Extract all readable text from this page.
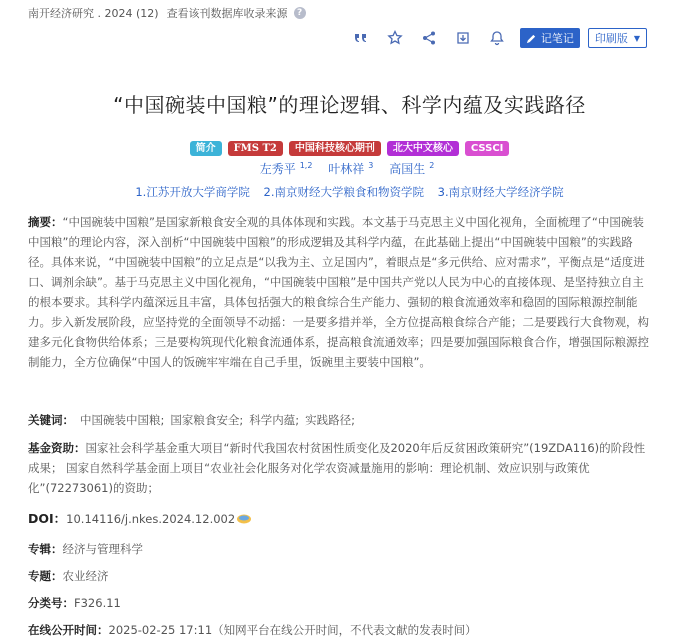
南开经济研究 . 2024 (12) 查看该刊数据库收录来源	?
记笔记 印刷版 ▼
“中国碗装中国粮”的理论逻辑、科学内蕴及实践路径
简介	FMS T2	中国科技核心期刊	北大中文核心	CSSCI
左秀平 $^{1,2}$ 叶林祥 $^3$ 高国生 $^2$
1.江苏开放大学商学院 2.南京财经大学粮食和物资学院 3.南京财经大学经济学院
摘要：“中国碗装中国粮”是国家新粮食安全观的具体体现和实践。本文基于马克思主义中国化视角，全面梳理了“中国碗装中国粮”的理论内容，深入剖析“中国碗装中国粮”的形成逻辑及其科学内蕴，在此基础上提出“中国碗装中国粮”的实践路径。具体来说，“中国碗装中国粮”的立足点是“以我为主、立足国内”，着眼点是“多元供给、应对需求”，平衡点是“适度进口、调剂余缺”。基于马克思主义中国化视角，“中国碗装中国粮”是中国共产党以人民为中心的直接体现、是坚持独立自主的根本要求。其科学内蕴深远且丰富，具体包括强大的粮食综合生产能力、强韧的粮食流通效率和稳固的国际粮源控制能力。步入新发展阶段，应坚持党的全面领导不动摇：一是要多措并举，全方位提高粮食综合产能；二是要践行大食物观，构建多元化食物供给体系；三是要构筑现代化粮食流通体系，提高粮食流通效率；四是要加强国际粮食合作，增强国际粮源控制能力，全方位确保“中国人的饭碗牢牢端在自己手里，饭碗里主要装中国粮”。
关键词： 中国碗装中国粮; 国家粮食安全; 科学内蕴; 实践路径;
基金资助：国家社会科学基金重大项目“新时代我国农村贫困性质变化及2020年后反贫困政策研究”(19ZDA116)的阶段性成果； 国家自然科学基金面上项目“农业社会化服务对化学农资减量施用的影响：理论机制、效应识别与政策优化”(72273061)的资助；
DOI： 10.14116/j.nkes.2024.12.002
专辑：经济与管理科学
专题：农业经济
分类号：F326.11
在线公开时间：2025-02-25 17:11（知网平台在线公开时间，不代表文献的发表时间）
